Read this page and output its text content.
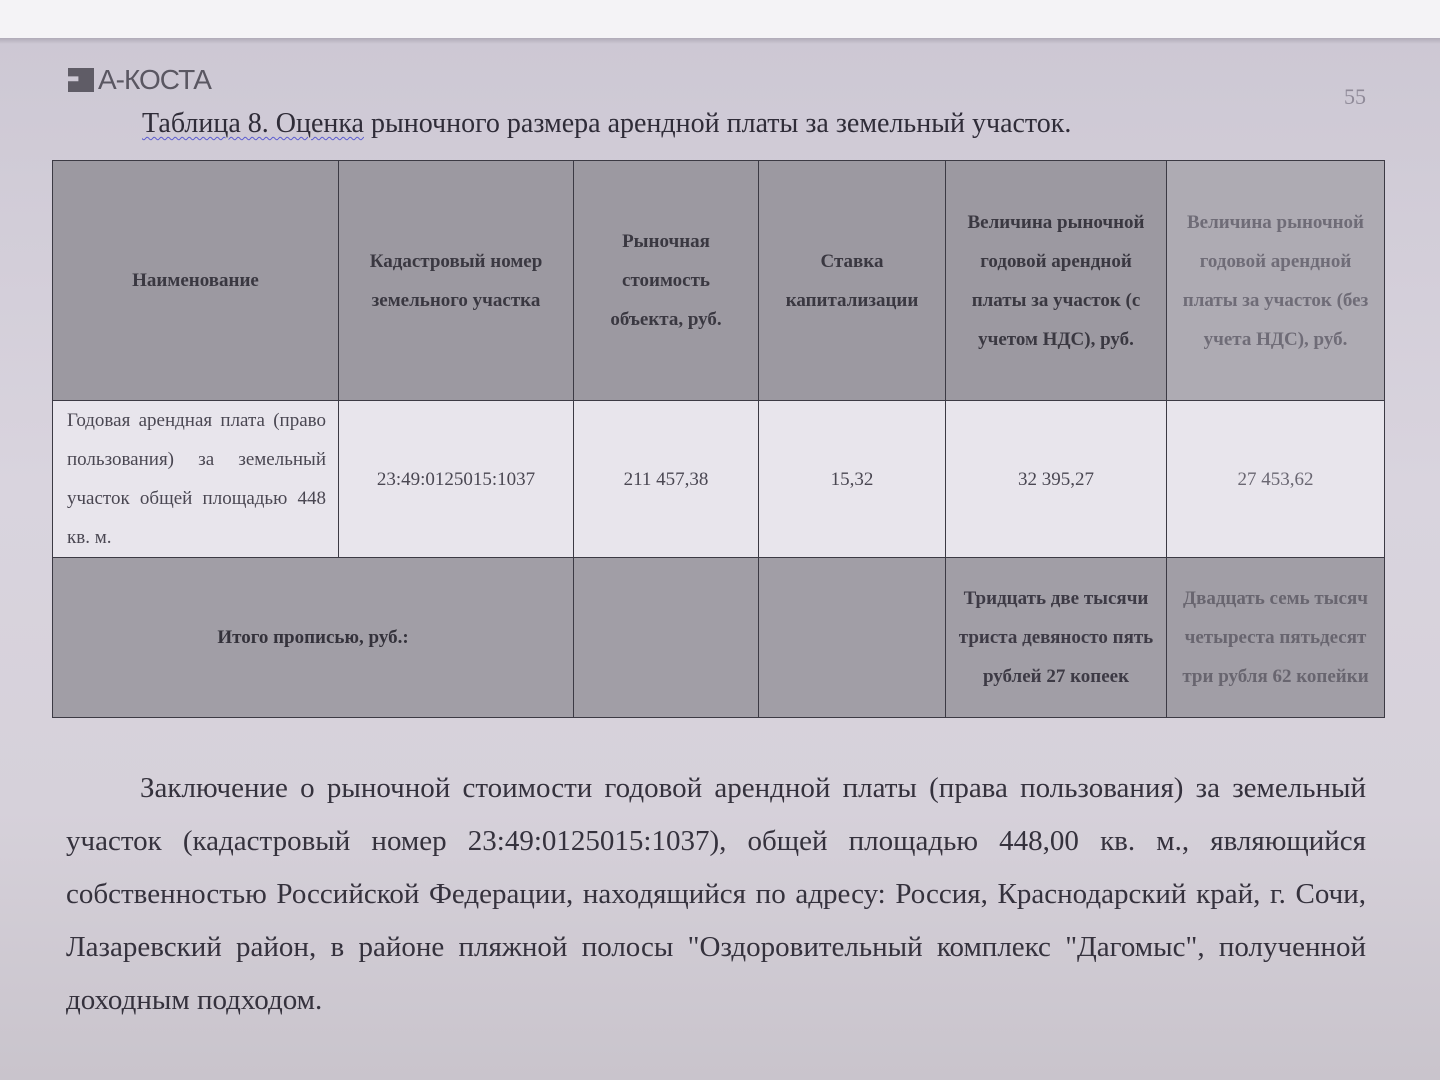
A-КОСТА
55
Таблица 8. Оценка рыночного размера арендной платы за земельный участок.
Наименование	Кадастровый номер земельного участка	Рыночная стоимость объекта, руб.	Ставка капитализации	Величина рыночной годовой арендной платы за участок (с учетом НДС), руб.	Величина рыночной годовой арендной платы за участок (без учета НДС), руб.
Годовая арендная плата (право пользования) за земельный участок общей площадью 448 кв. м.	23:49:0125015:1037	211 457,38	15,32	32 395,27	27 453,62
Итого прописью, руб.:				Тридцать две тысячи триста девяносто пять рублей 27 копеек	Двадцать семь тысяч четыреста пятьдесят три рубля 62 копейки
Заключение о рыночной стоимости годовой арендной платы (права пользования) за земельный участок (кадастровый номер 23:49:0125015:1037), общей площадью 448,00 кв. м., являющийся собственностью Российской Федерации, находящийся по адресу: Россия, Краснодарский край, г. Сочи, Лазаревский район, в районе пляжной полосы "Оздоровительный комплекс "Дагомыс", полученной доходным подходом.
